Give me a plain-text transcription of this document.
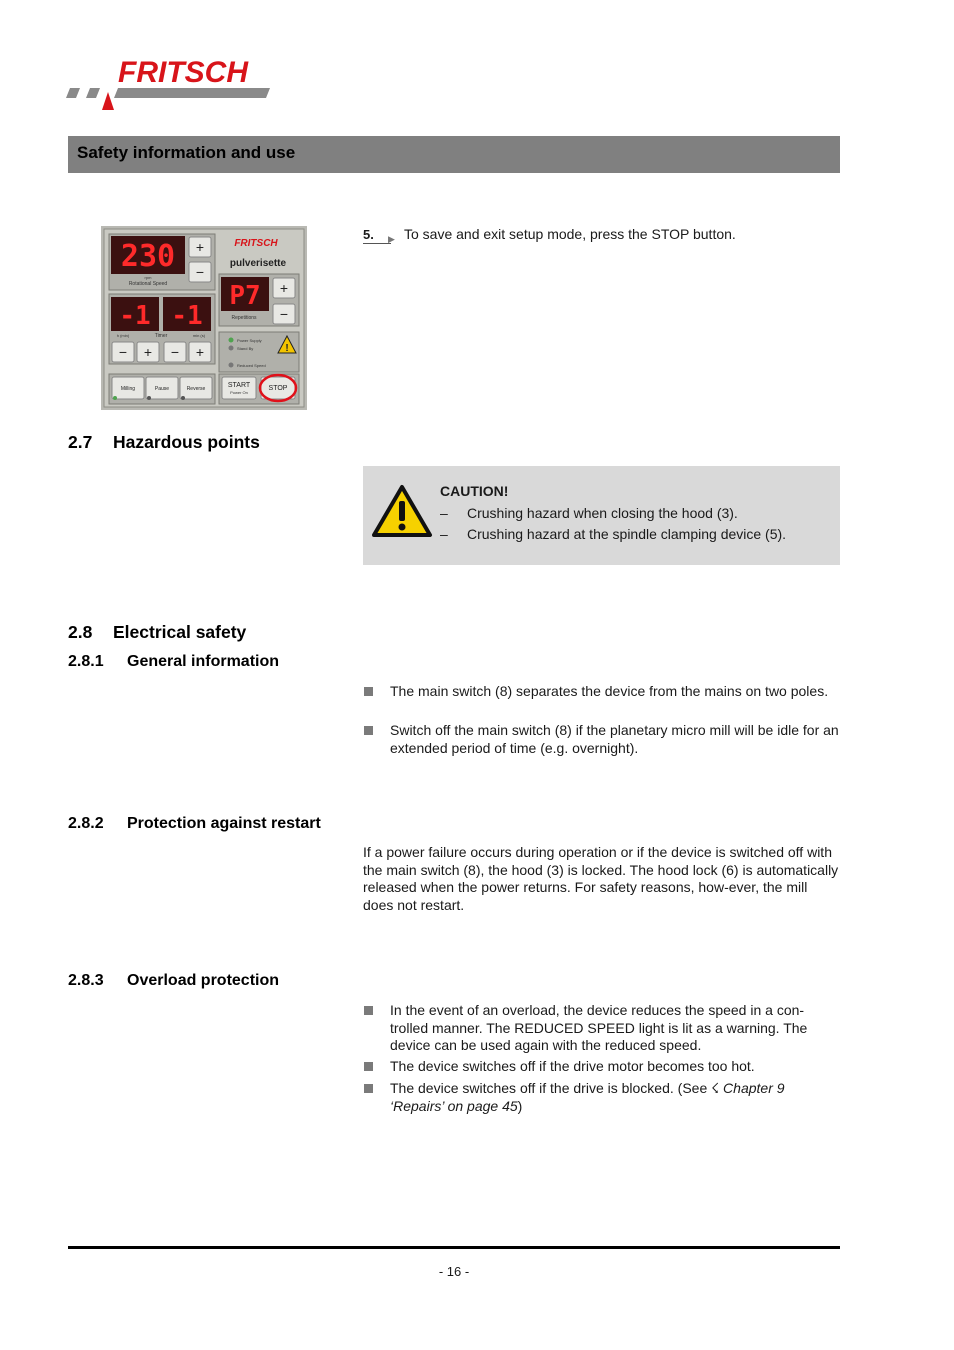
FRITSCH
Safety information and use
230 +
−
rpm
Rotational Speed
FRITSCH
pulverisette
-1 -1
h (min)	Timer	min (s)
− + − +
P7 +
−
Repetitions
Power Supply
Stand By
Reduced Speed
!
Milling	Pause	Reverse	START
Power On
STOP
5. ▶ To save and exit setup mode, press the STOP button.
2.7 Hazardous points
CAUTION!
– Crushing hazard when closing the hood (3).
– Crushing hazard at the spindle clamping device (5).
2.8 Electrical safety
2.8.1 General information
The main switch (8) separates the device from the mains on two poles.
Switch off the main switch (8) if the planetary micro mill will be idle for an extended period of time (e.g. overnight).
2.8.2 Protection against restart
If a power failure occurs during operation or if the device is switched off with the main switch (8), the hood (3) is locked. The hood lock (6) is automatically released when the power returns. For safety reasons, how-ever, the mill does not restart.
2.8.3 Overload protection
In the event of an overload, the device reduces the speed in a con-trolled manner. The REDUCED SPEED light is lit as a warning. The device can be used again with the reduced speed.
The device switches off if the drive motor becomes too hot.
The device switches off if the drive is blocked. (See ☇ Chapter 9 ‘Repairs’ on page 45)
- 16 -
